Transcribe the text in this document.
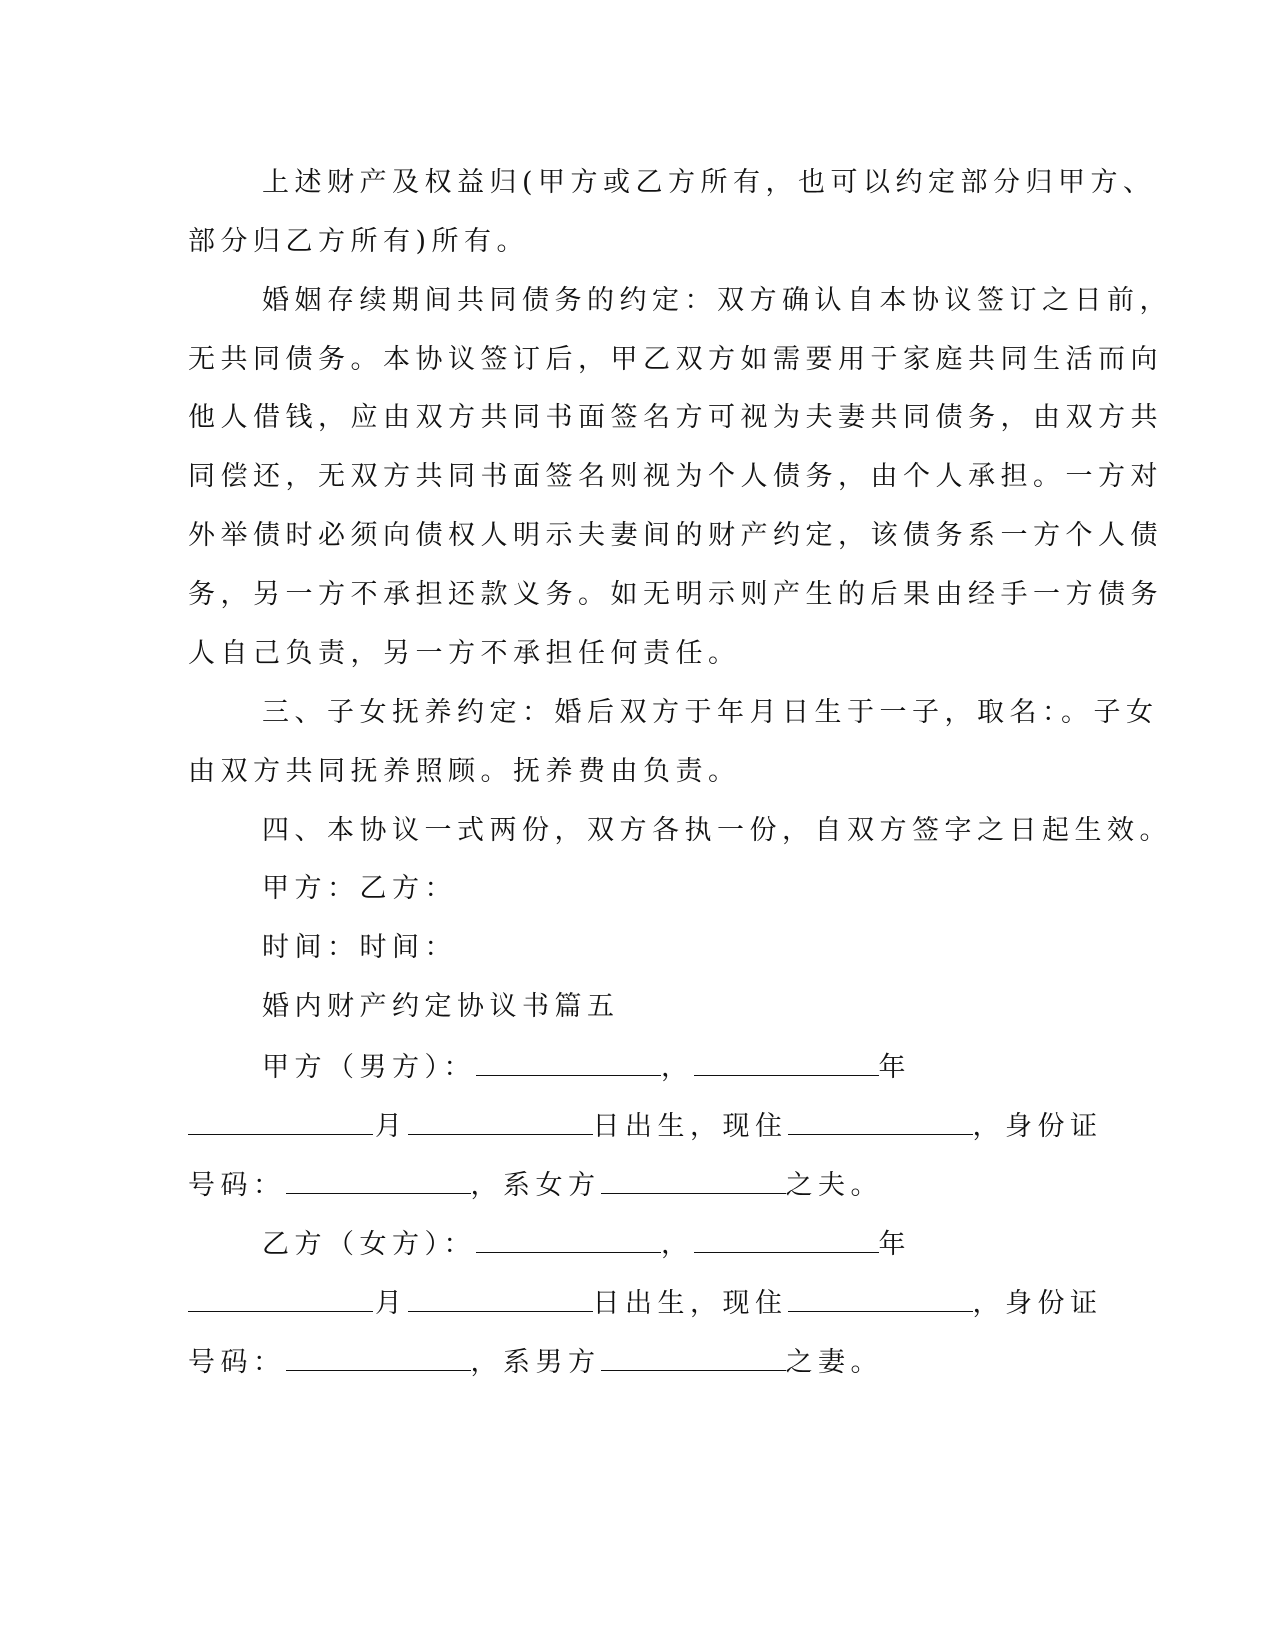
上述财产及权益归(甲方或乙方所有，也可以约定部分归甲方、
部分归乙方所有)所有。
婚姻存续期间共同债务的约定：双方确认自本协议签订之日前，
无共同债务。本协议签订后，甲乙双方如需要用于家庭共同生活而向
他人借钱，应由双方共同书面签名方可视为夫妻共同债务，由双方共
同偿还，无双方共同书面签名则视为个人债务，由个人承担。一方对
外举债时必须向债权人明示夫妻间的财产约定，该债务系一方个人债
务，另一方不承担还款义务。如无明示则产生的后果由经手一方债务
人自己负责，另一方不承担任何责任。
三、子女抚养约定：婚后双方于年月日生于一子，取名：。子女
由双方共同抚养照顾。抚养费由负责。
四、本协议一式两份，双方各执一份，自双方签字之日起生效。
甲方：乙方：
时间：时间：
婚内财产约定协议书篇五
甲方（男方）：	，	年
月	日出生，现住	，身份证
号码：	，系女方	之夫。
乙方（女方）：	，	年
月	日出生，现住	，身份证
号码：	，系男方	之妻。
